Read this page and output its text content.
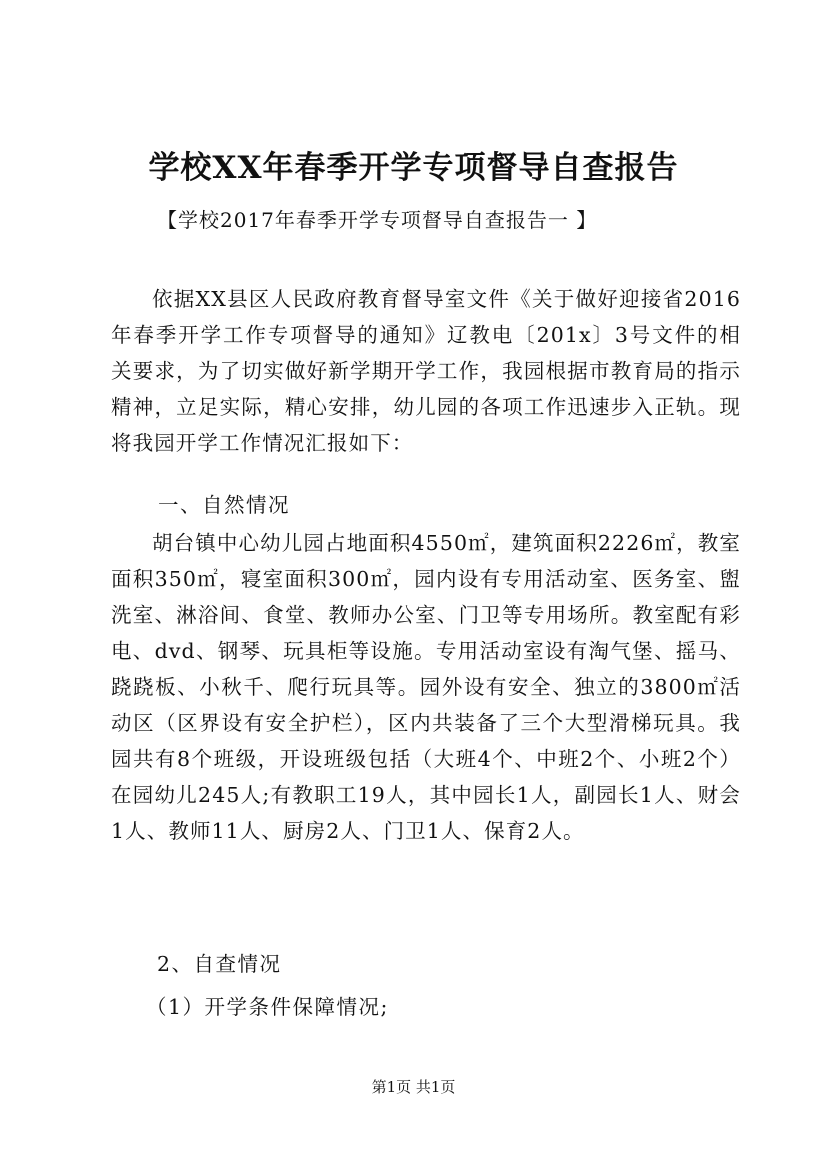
学校XX年春季开学专项督导自查报告
【学校2017年春季开学专项督导自查报告一 】

依据XX县区人民政府教育督导室文件《关于做好迎接省2016年春季开学工作专项督导的通知》辽教电〔201x〕3号文件的相关要求，为了切实做好新学期开学工作，我园根据市教育局的指示精神，立足实际，精心安排，幼儿园的各项工作迅速步入正轨。现将我园开学工作情况汇报如下：

一、自然情况

胡台镇中心幼儿园占地面积4550㎡，建筑面积2226㎡，教室面积350㎡，寝室面积300㎡，园内设有专用活动室、医务室、盥洗室、淋浴间、食堂、教师办公室、门卫等专用场所。教室配有彩电、dvd、钢琴、玩具柜等设施。专用活动室设有淘气堡、摇马、跷跷板、小秋千、爬行玩具等。园外设有安全、独立的3800㎡活动区（区界设有安全护栏），区内共装备了三个大型滑梯玩具。我园共有8个班级，开设班级包括（大班4个、中班2个、小班2个）在园幼儿245人;有教职工19人，其中园长1人，副园长1人、财会1人、教师11人、厨房2人、门卫1人、保育2人。

2、自查情况
（1）开学条件保障情况;
第1页 共1页
